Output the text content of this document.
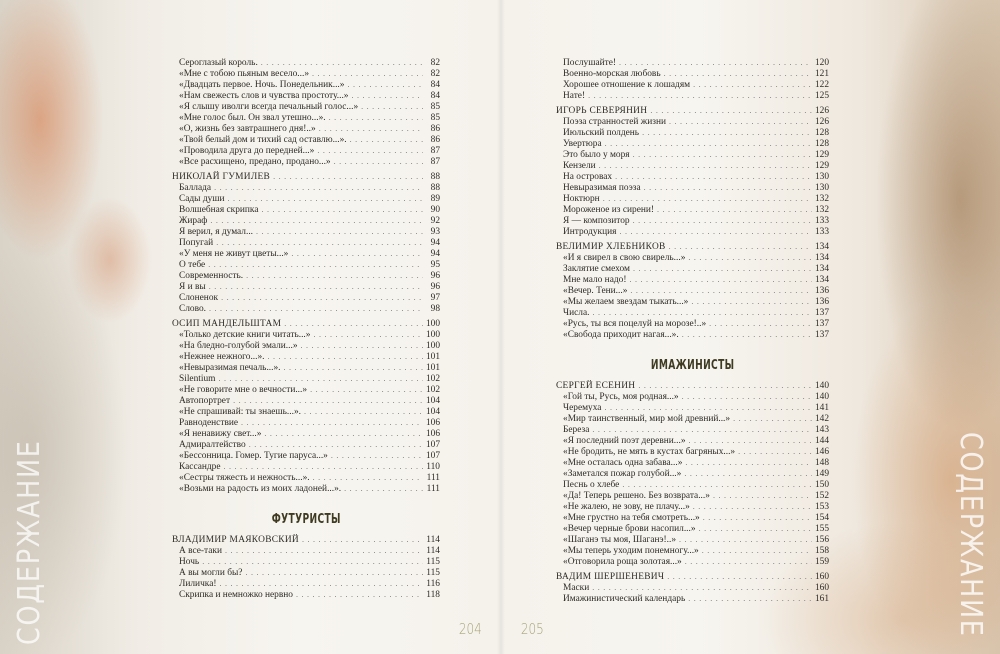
СОДЕРЖАНИЕ	СОДЕРЖАНИЕ
Сероглазый король. . . .	82
«Мне с тобою пьяным весело...» . . .	82
«Двадцать первое. Ночь. Понедельник...» . . .	84
«Нам свежесть слов и чувства простоту...» . . .	84
«Я слышу иволги всегда печальный голос...» . . .	85
«Мне голос был. Он звал утешно...». . . .	85
«О, жизнь без завтрашнего дня!..» . . .	86
«Твой белый дом и тихий сад оставлю...». . . .	86
«Проводила друга до передней...» . . .	87
«Все расхищено, предано, продано...» . . .	87
НИКОЛАЙ ГУМИЛЕВ . . .	88
Баллада . . .	88
Сады души . . .	89
Волшебная скрипка . . .	90
Жираф . . .	92
Я верил, я думал... . . .	93
Попугай . . .	94
«У меня не живут цветы...» . . .	94
О тебе . . .	95
Современность. . . .	96
Я и вы . . .	96
Слоненок . . .	97
Слово. . . .	98
ОСИП МАНДЕЛЬШТАМ . . .	100
«Только детские книги читать...» . . .	100
«На бледно-голубой эмали...» . . .	100
«Нежнее нежного...». . . .	101
«Невыразимая печаль...». . . .	101
Silentium . . .	102
«Не говорите мне о вечности...» . . .	102
Автопортрет . . .	104
«Не спрашивай: ты знаешь...». . . .	104
Равноденствие . . .	106
«Я ненавижу свет...» . . .	106
Адмиралтейство . . .	107
«Бессонница. Гомер. Тугие паруса...» . . .	107
Кассандре . . .	110
«Сестры тяжесть и нежность...». . . .	111
«Возьми на радость из моих ладоней...». . . .	111
ФУТУРИСТЫ
ВЛАДИМИР МАЯКОВСКИЙ . . .	114
А все-таки . . .	114
Ночь . . .	115
А вы могли бы? . . .	115
Лиличка! . . .	116
Скрипка и немножко нервно . . .	118
Послушайте! . . .	120
Военно-морская любовь . . .	121
Хорошее отношение к лошадям . . .	122
Нате! . . .	125
ИГОРЬ СЕВЕРЯНИН . . .	126
Поэза странностей жизни . . .	126
Июльский полдень . . .	128
Увертюра . . .	128
Это было у моря . . .	129
Кензели . . .	129
На островах . . .	130
Невыразимая поэза . . .	130
Ноктюрн . . .	132
Мороженое из сирени! . . .	132
Я — композитор . . .	133
Интродукция . . .	133
ВЕЛИМИР ХЛЕБНИКОВ . . .	134
«И я свирел в свою свирель...» . . .	134
Заклятие смехом . . .	134
Мне мало надо! . . .	134
«Вечер. Тени...» . . .	136
«Мы желаем звездам тыкать...» . . .	136
Числа. . . .	137
«Русь, ты вся поцелуй на морозе!..» . . .	137
«Свобода приходит нагая...». . . .	137
ИМАЖИНИСТЫ
СЕРГЕЙ ЕСЕНИН . . .	140
«Гой ты, Русь, моя родная...» . . .	140
Черемуха . . .	141
«Мир таинственный, мир мой древний...» . . .	142
Береза . . .	143
«Я последний поэт деревни...» . . .	144
«Не бродить, не мять в кустах багряных...» . . .	146
«Мне осталась одна забава...» . . .	148
«Заметался пожар голубой...» . . .	149
Песнь о хлебе . . .	150
«Да! Теперь решено. Без возврата...» . . .	152
«Не жалею, не зову, не плачу...» . . .	153
«Мне грустно на тебя смотреть...» . . .	154
«Вечер черные брови насопил...» . . .	155
«Шаганэ ты моя, Шаганэ!..» . . .	156
«Мы теперь уходим понемногу...» . . .	158
«Отговорила роща золотая...» . . .	159
ВАДИМ ШЕРШЕНЕВИЧ . . .	160
Маски . . .	160
Имажинистический календарь . . .	161
204	205
